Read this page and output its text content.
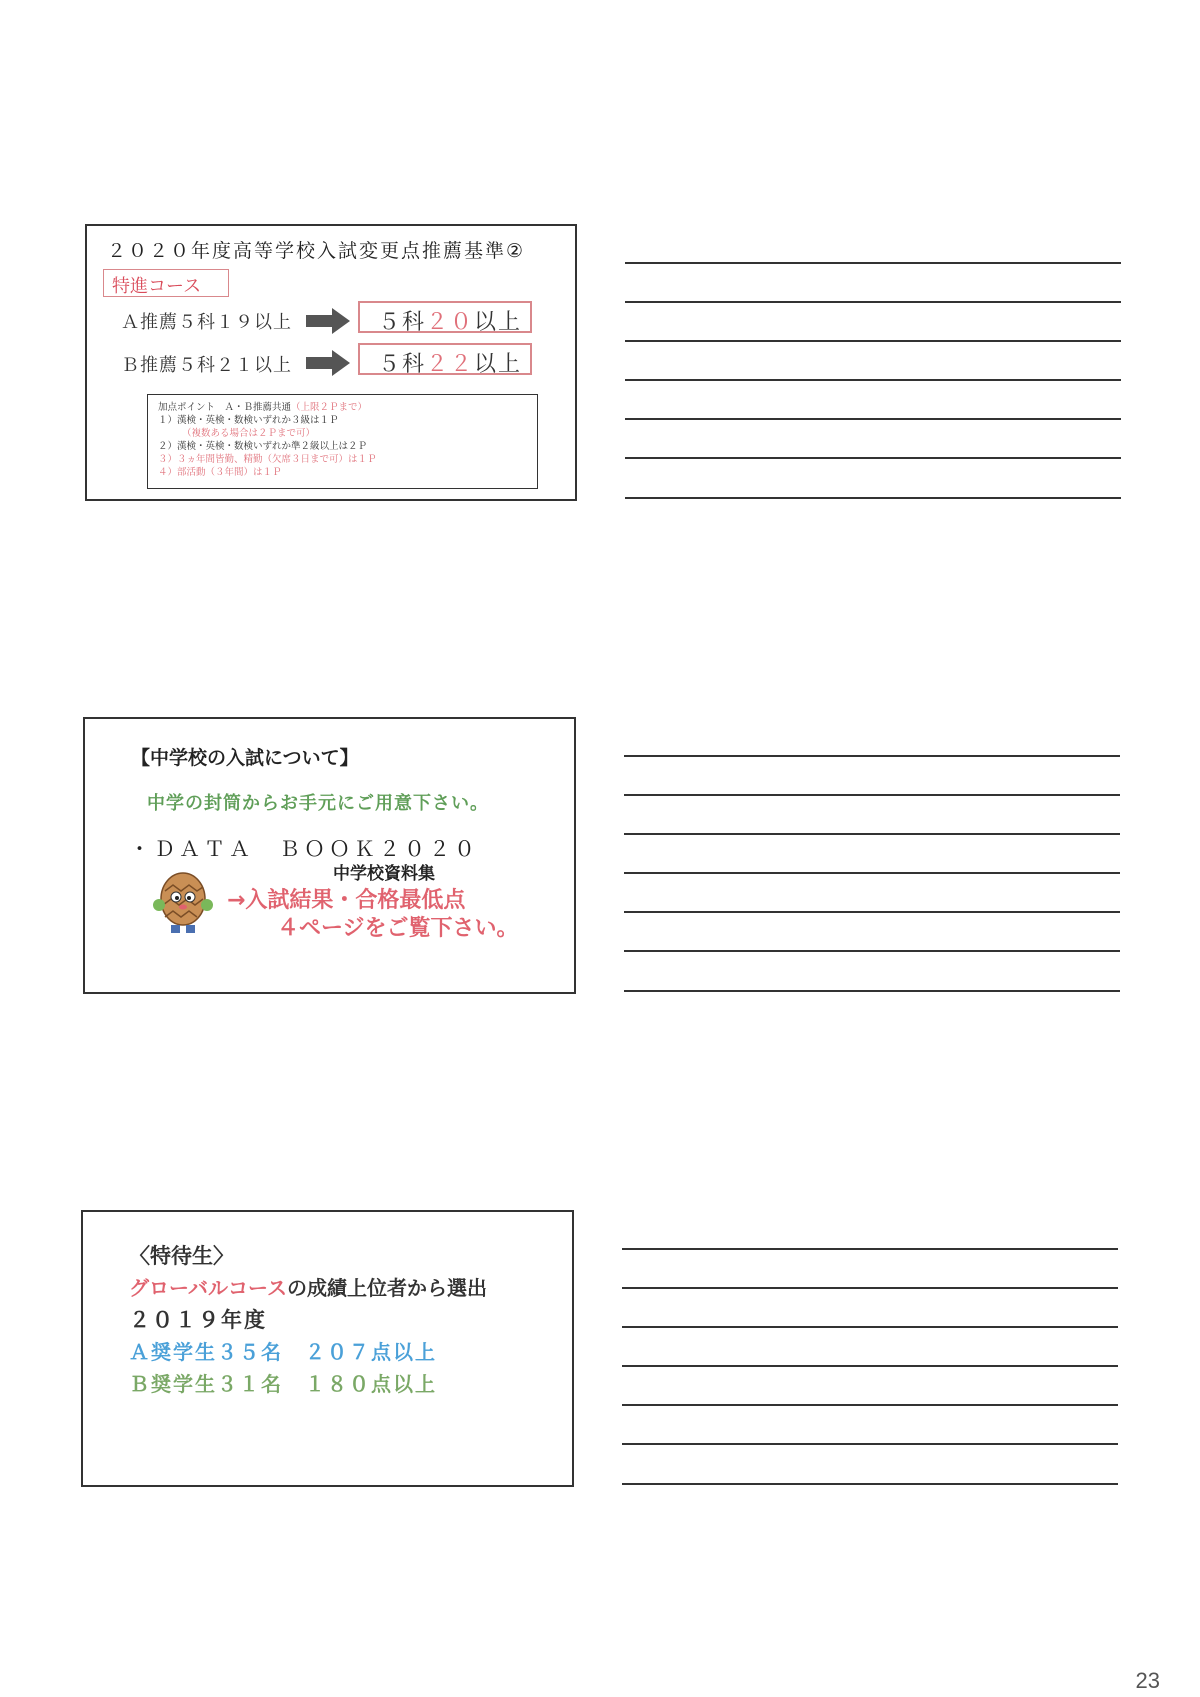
２０２０年度高等学校入試変更点推薦基準②
特進コース
Ａ推薦５科１９以上	５科２０以上
Ｂ推薦５科２１以上	５科２２以上
加点ポイント　Ａ・Ｂ推薦共通（上限２Ｐまで）
１）漢検・英検・数検いずれか３級は１Ｐ
（複数ある場合は２Ｐまで可）
２）漢検・英検・数検いずれか準２級以上は２Ｐ
３）３ヵ年間皆勤、精勤（欠席３日まで可）は１Ｐ
４）部活動（３年間）は１Ｐ
【中学校の入試について】
中学の封筒からお手元にご用意下さい。
・ＤＡＴＡ　ＢＯＯＫ２０２０
中学校資料集
→入試結果・合格最低点
４ページをご覧下さい。
〈特待生〉
グローバルコースの成績上位者から選出
２０１９年度
Ａ奨学生３５名　２０７点以上
Ｂ奨学生３１名　１８０点以上
23
